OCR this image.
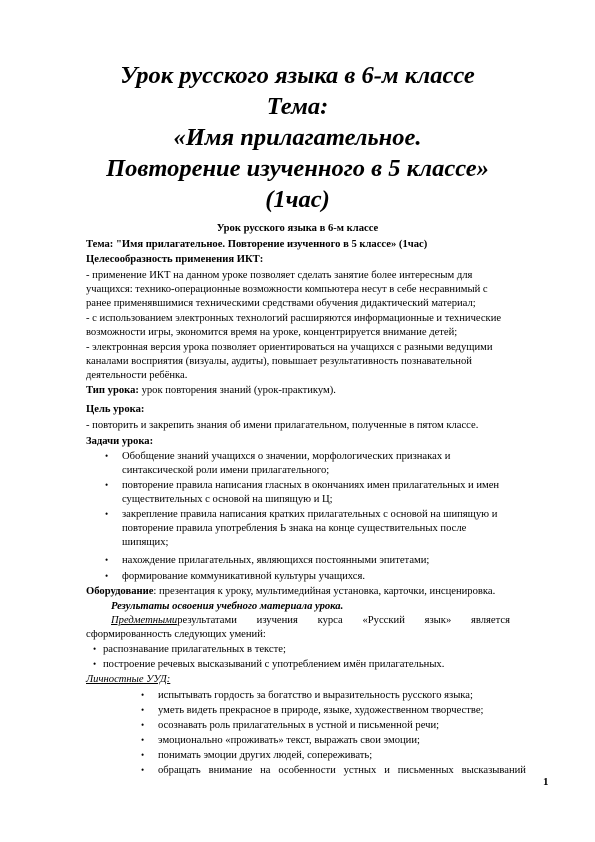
Урок русского языка в 6-м классе
Тема:
«Имя прилагательное.
Повторение изученного в 5 классе»
(1час)
Урок русского языка в 6-м классе
Тема: "Имя прилагательное. Повторение изученного в 5 классе» (1час)
Целесообразность применения ИКТ:
- применение ИКТ на данном уроке позволяет сделать занятие более интересным для
учащихся: технико-операционные возможности компьютера несут в себе несравнимый с
ранее применявшимися техническими средствами обучения дидактический материал;
- с использованием электронных технологий расширяются информационные и технические
возможности игры, экономится время на уроке, концентрируется внимание детей;
- электронная версия урока позволяет ориентироваться на учащихся с разными ведущими
каналами восприятия (визуалы, аудиты), повышает результативность познавательной
деятельности ребёнка.
Тип урока: урок повторения знаний (урок-практикум).
Цель урока:
- повторить и закрепить знания об имени прилагательном, полученные в пятом классе.
Задачи урока:
• Обобщение знаний учащихся о значении, морфологических признаках и
синтаксической роли имени прилагательного;
• повторение правила написания гласных в окончаниях имен прилагательных и имен
существительных с основой на шипящую и Ц;
• закрепление правила написания кратких прилагательных с основой на шипящую и
повторение правила употребления Ь знака на конце существительных после
шипящих;
• нахождение прилагательных, являющихся постоянными эпитетами;
• формирование коммуникативной культуры учащихся.
Оборудование: презентация к уроку, мультимедийная установка, карточки, инсценировка.
Результаты освоения учебного материала урока.
Предметнымирезультатами изучения курса «Русский язык» является
сформированность следующих умений:
• распознавание прилагательных в тексте;
• построение речевых высказываний с употреблением имён прилагательных.
Личностные УУД:
• испытывать гордость за богатство и выразительность русского языка;
• уметь видеть прекрасное в природе, языке, художественном творчестве;
• осознавать роль прилагательных в устной и письменной речи;
• эмоционально «проживать» текст, выражать свои эмоции;
• понимать эмоции других людей, сопереживать;
• обращать внимание на особенности устных и письменных высказываний
1
